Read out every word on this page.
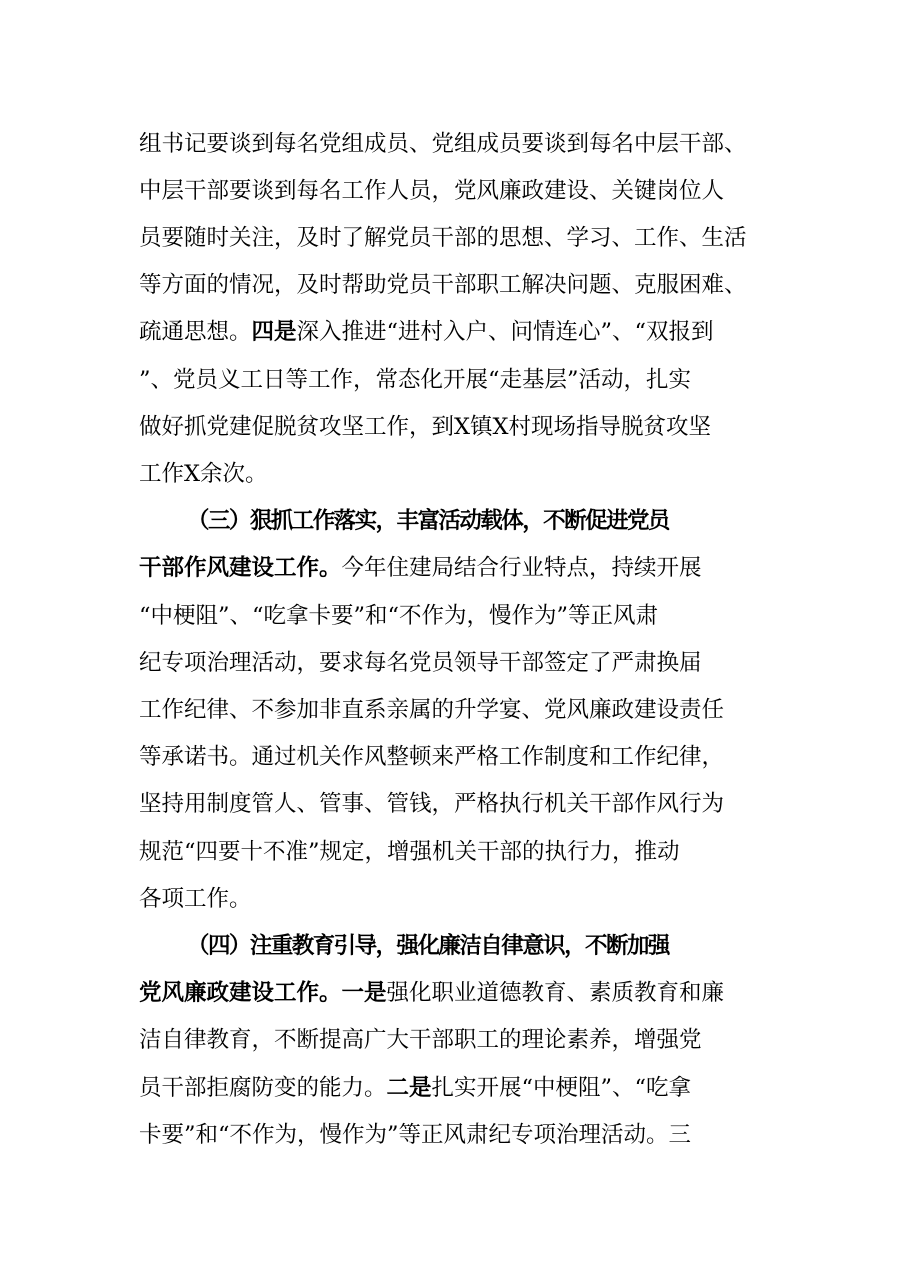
组书记要谈到每名党组成员、党组成员要谈到每名中层干部、
中层干部要谈到每名工作人员，党风廉政建设、关键岗位人
员要随时关注，及时了解党员干部的思想、学习、工作、生活
等方面的情况，及时帮助党员干部职工解决问题、克服困难、
疏通思想。四是深入推进“进村入户、问情连心”、“双报到
”、党员义工日等工作，常态化开展“走基层”活动，扎实
做好抓党建促脱贫攻坚工作，到X镇X村现场指导脱贫攻坚
工作X余次。
（三）狠抓工作落实，丰富活动载体，不断促进党员
干部作风建设工作。今年住建局结合行业特点，持续开展
“中梗阻”、“吃拿卡要”和“不作为，慢作为”等正风肃
纪专项治理活动，要求每名党员领导干部签定了严肃换届
工作纪律、不参加非直系亲属的升学宴、党风廉政建设责任
等承诺书。通过机关作风整顿来严格工作制度和工作纪律，
坚持用制度管人、管事、管钱，严格执行机关干部作风行为
规范“四要十不准”规定，增强机关干部的执行力，推动
各项工作。
（四）注重教育引导，强化廉洁自律意识，不断加强
党风廉政建设工作。一是强化职业道德教育、素质教育和廉
洁自律教育，不断提高广大干部职工的理论素养，增强党
员干部拒腐防变的能力。二是扎实开展“中梗阻”、“吃拿
卡要”和“不作为，慢作为”等正风肃纪专项治理活动。三
